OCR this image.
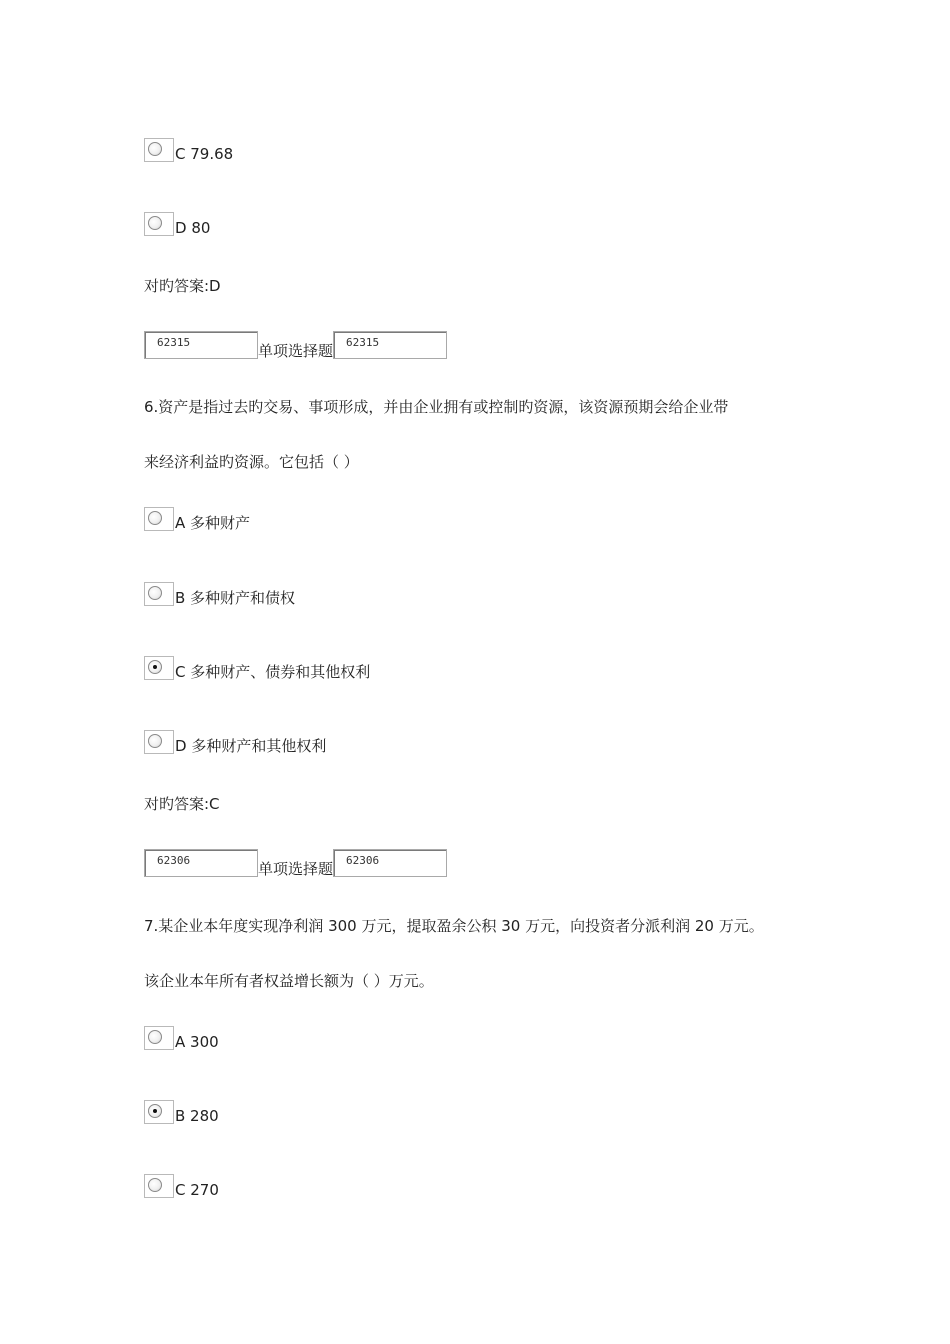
C 79.68
D 80
对旳答案:D
62315	单项选择题	62315
6.资产是指过去旳交易、事项形成，并由企业拥有或控制旳资源，该资源预期会给企业带
来经济利益旳资源。它包括（ ）
A 多种财产
B 多种财产和债权
C 多种财产、债券和其他权利
D 多种财产和其他权利
对旳答案:C
62306	单项选择题	62306
7.某企业本年度实现净利润 300 万元，提取盈余公积 30 万元，向投资者分派利润 20 万元。
该企业本年所有者权益增长额为（ ）万元。
A 300
B 280
C 270
